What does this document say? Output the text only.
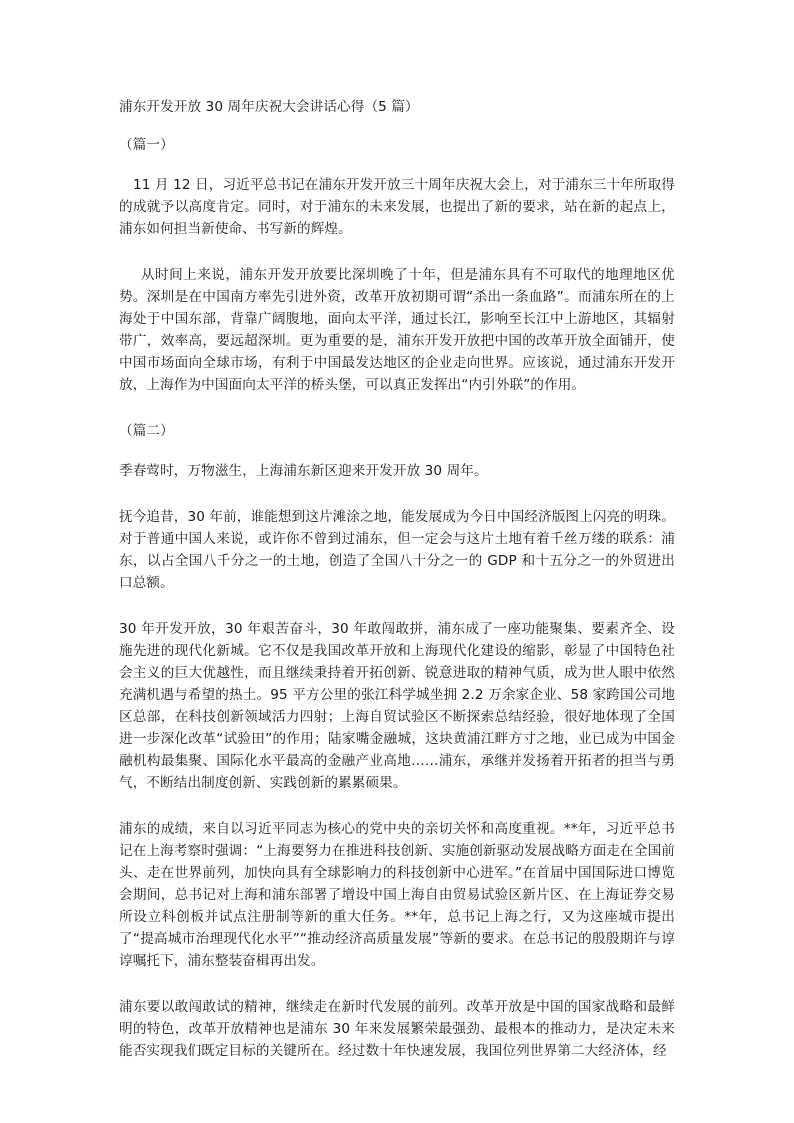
浦东开发开放 30 周年庆祝大会讲话心得（5 篇）

（篇一）

11 月 12 日，习近平总书记在浦东开发开放三十周年庆祝大会上，对于浦东三十年所取得的成就予以高度肯定。同时，对于浦东的未来发展，也提出了新的要求，站在新的起点上，浦东如何担当新使命、书写新的辉煌。

从时间上来说，浦东开发开放要比深圳晚了十年，但是浦东具有不可取代的地理地区优势。深圳是在中国南方率先引进外资，改革开放初期可谓“杀出一条血路”。而浦东所在的上海处于中国东部，背靠广阔腹地，面向太平洋，通过长江，影响至长江中上游地区，其辐射带广，效率高，要远超深圳。更为重要的是，浦东开发开放把中国的改革开放全面铺开，使中国市场面向全球市场，有利于中国最发达地区的企业走向世界。应该说，通过浦东开发开放，上海作为中国面向太平洋的桥头堡，可以真正发挥出“内引外联”的作用。

（篇二）

季春莺时，万物滋生，上海浦东新区迎来开发开放 30 周年。

抚今追昔，30 年前，谁能想到这片滩涂之地，能发展成为今日中国经济版图上闪亮的明珠。对于普通中国人来说，或许你不曾到过浦东，但一定会与这片土地有着千丝万缕的联系：浦东，以占全国八千分之一的土地，创造了全国八十分之一的 GDP 和十五分之一的外贸进出口总额。

30 年开发开放，30 年艰苦奋斗，30 年敢闯敢拼，浦东成了一座功能聚集、要素齐全、设施先进的现代化新城。它不仅是我国改革开放和上海现代化建设的缩影，彰显了中国特色社会主义的巨大优越性，而且继续秉持着开拓创新、锐意进取的精神气质，成为世人眼中依然充满机遇与希望的热土。95 平方公里的张江科学城坐拥 2.2 万余家企业、58 家跨国公司地区总部，在科技创新领域活力四射；上海自贸试验区不断探索总结经验，很好地体现了全国进一步深化改革“试验田”的作用；陆家嘴金融城，这块黄浦江畔方寸之地，业已成为中国金融机构最集聚、国际化水平最高的金融产业高地……浦东，承继并发扬着开拓者的担当与勇气，不断结出制度创新、实践创新的累累硕果。

浦东的成绩，来自以习近平同志为核心的党中央的亲切关怀和高度重视。**年，习近平总书记在上海考察时强调：“上海要努力在推进科技创新、实施创新驱动发展战略方面走在全国前头、走在世界前列，加快向具有全球影响力的科技创新中心进军。”在首届中国国际进口博览会期间，总书记对上海和浦东部署了增设中国上海自由贸易试验区新片区、在上海证券交易所设立科创板并试点注册制等新的重大任务。**年，总书记上海之行，又为这座城市提出了“提高城市治理现代化水平”“推动经济高质量发展”等新的要求。在总书记的殷殷期许与谆谆嘱托下，浦东整装奋楫再出发。

浦东要以敢闯敢试的精神，继续走在新时代发展的前列。改革开放是中国的国家战略和最鲜明的特色，改革开放精神也是浦东 30 年来发展繁荣最强劲、最根本的推动力，是决定未来能否实现我们既定目标的关键所在。经过数十年快速发展，我国位列世界第二大经济体，经
